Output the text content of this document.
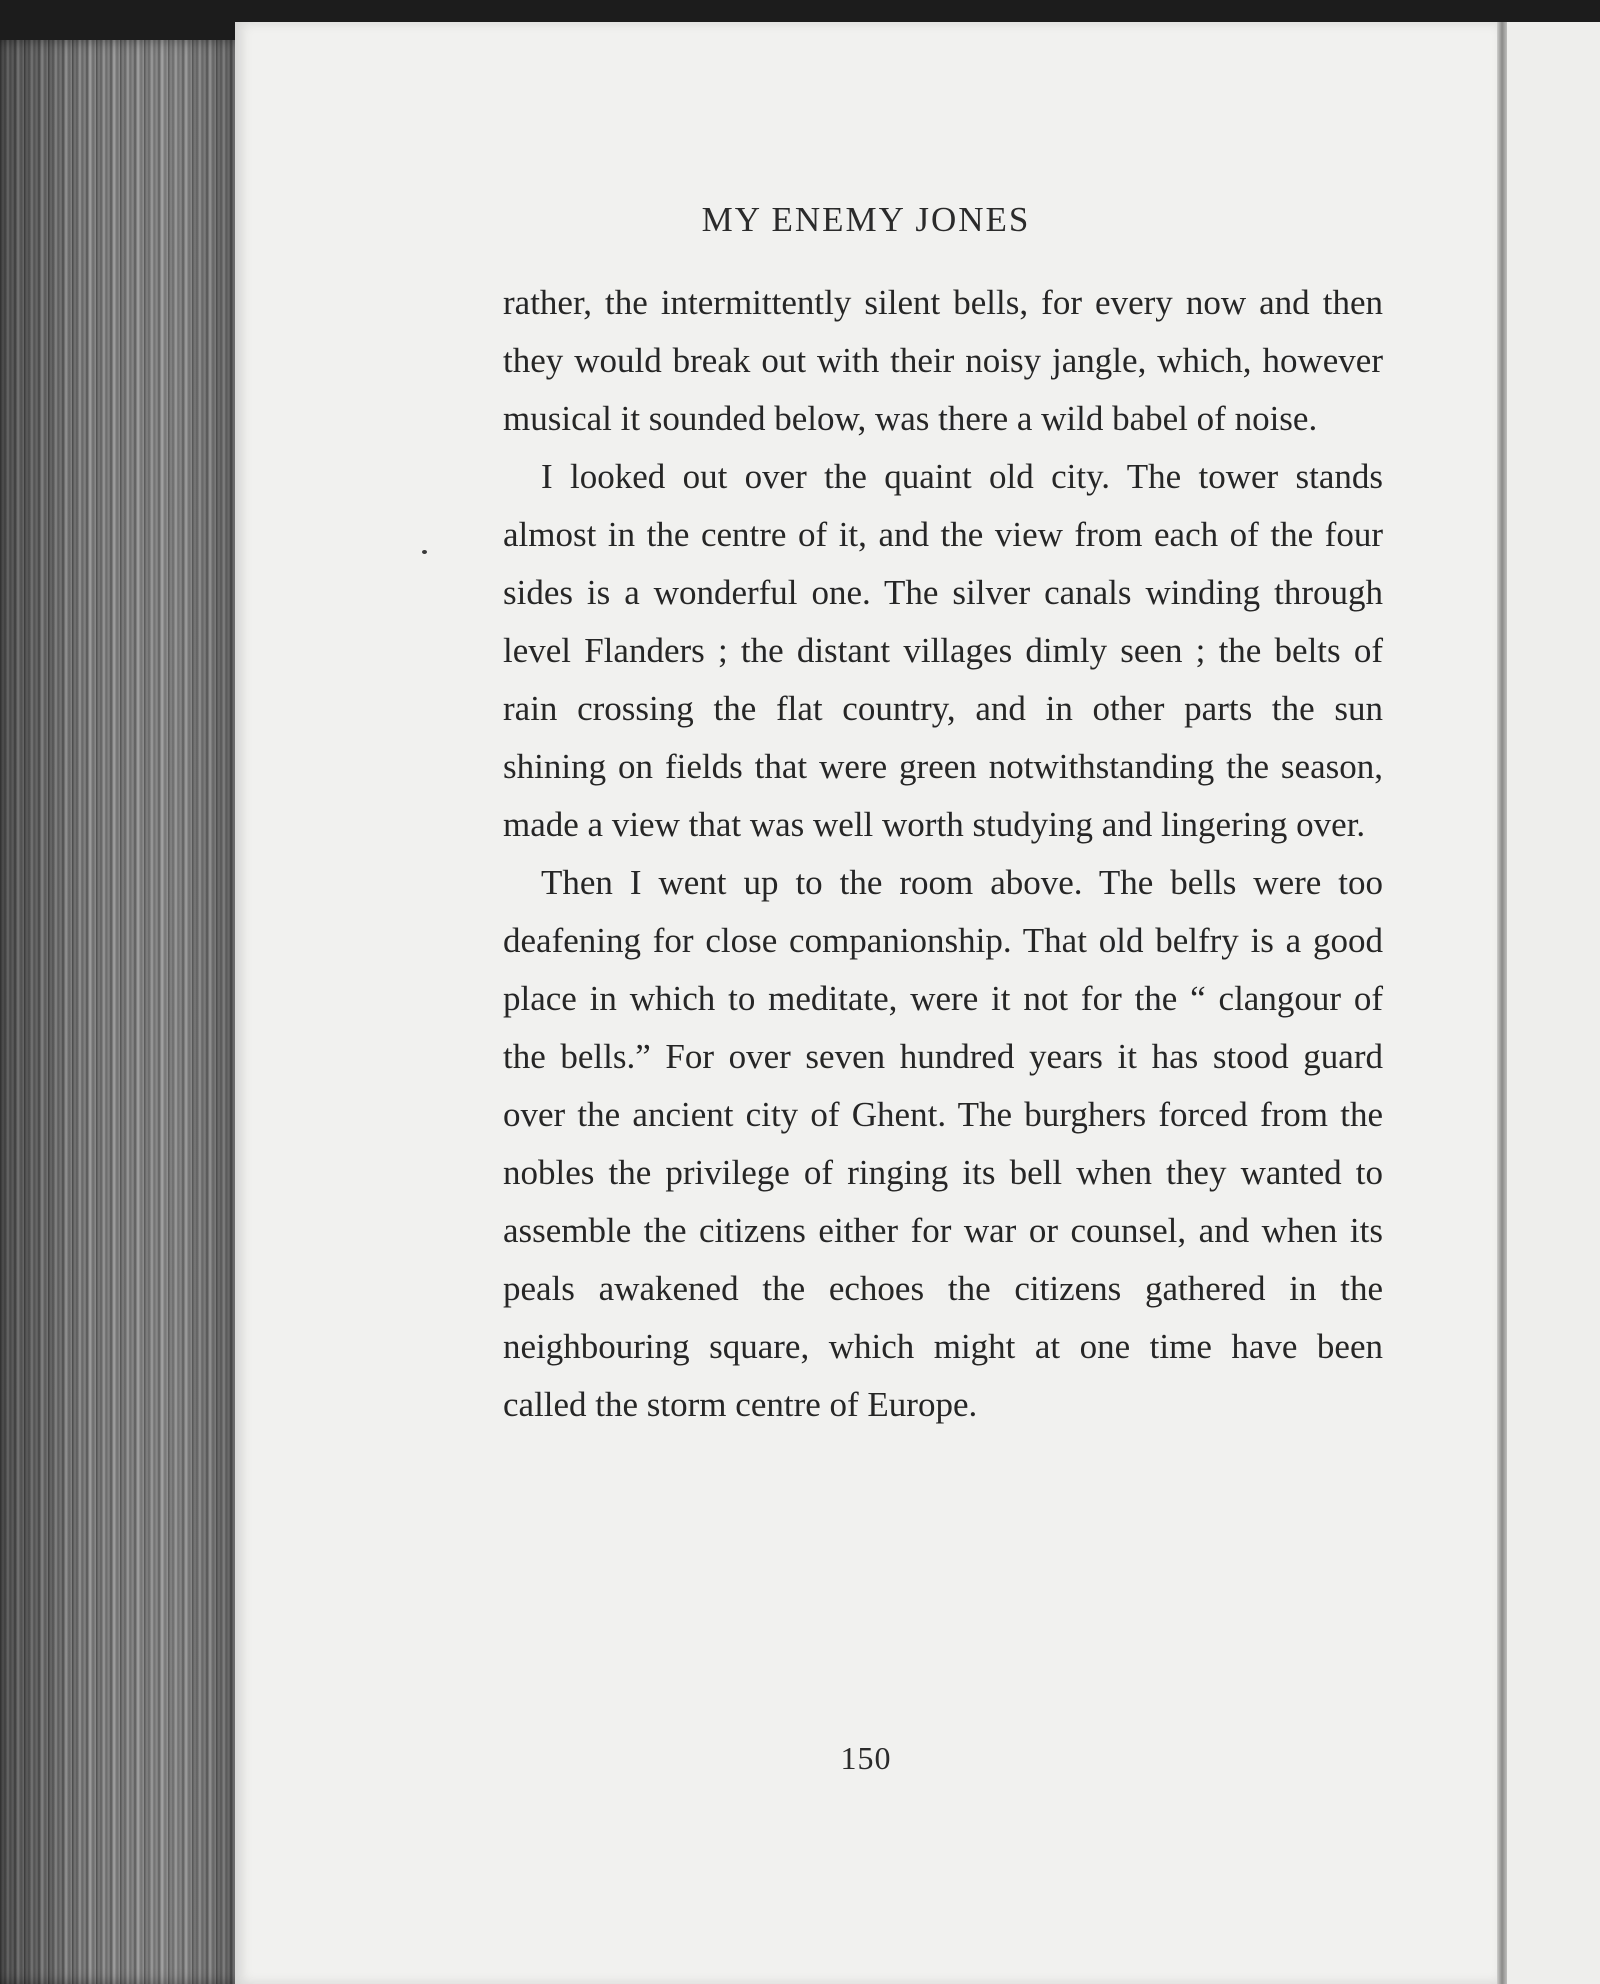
MY ENEMY JONES

rather, the intermittently silent bells, for every now and then they would break out with their noisy jangle, which, however musical it sounded below, was there a wild babel of noise.

I looked out over the quaint old city. The tower stands almost in the centre of it, and the view from each of the four sides is a wonderful one. The silver canals winding through level Flanders ; the distant villages dimly seen ; the belts of rain crossing the flat country, and in other parts the sun shining on fields that were green notwithstanding the season, made a view that was well worth studying and lingering over.

Then I went up to the room above. The bells were too deafening for close companionship. That old belfry is a good place in which to meditate, were it not for the “ clangour of the bells.” For over seven hundred years it has stood guard over the ancient city of Ghent. The burghers forced from the nobles the privilege of ringing its bell when they wanted to assemble the citizens either for war or counsel, and when its peals awakened the echoes the citizens gathered in the neighbouring square, which might at one time have been called the storm centre of Europe.

150
